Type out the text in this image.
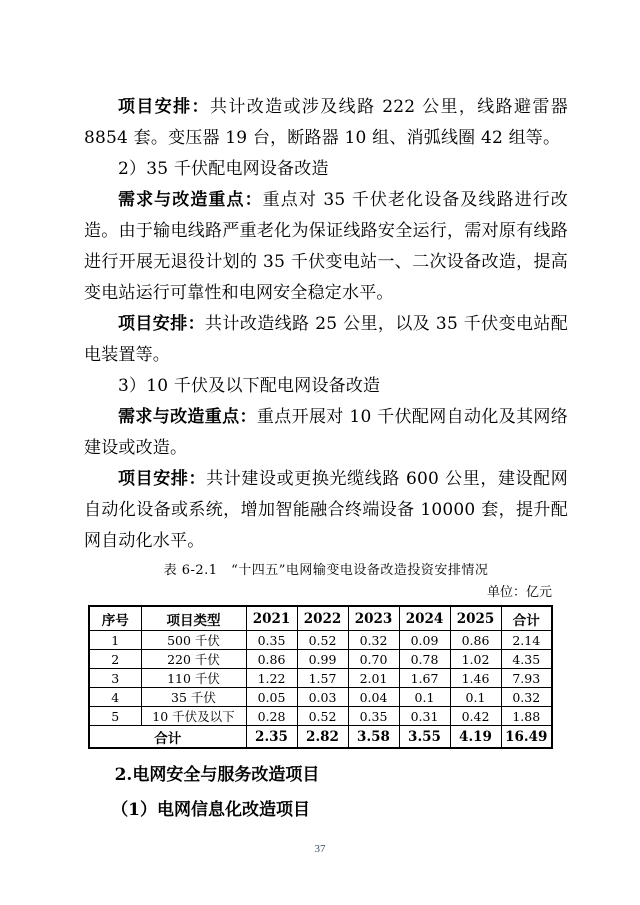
项目安排：共计改造或涉及线路 222 公里，线路避雷器 8854 套。变压器 19 台，断路器 10 组、消弧线圈 42 组等。

2）35 千伏配电网设备改造

需求与改造重点：重点对 35 千伏老化设备及线路进行改造。由于输电线路严重老化为保证线路安全运行，需对原有线路进行开展无退役计划的 35 千伏变电站一、二次设备改造，提高变电站运行可靠性和电网安全稳定水平。

项目安排：共计改造线路 25 公里，以及 35 千伏变电站配电装置等。

3）10 千伏及以下配电网设备改造

需求与改造重点：重点开展对 10 千伏配网自动化及其网络建设或改造。

项目安排：共计建设或更换光缆线路 600 公里，建设配网自动化设备或系统，增加智能融合终端设备 10000 套，提升配网自动化水平。

表 6-2.1　“十四五”电网输变电设备改造投资安排情况
单位：亿元
序号	项目类型	2021	2022	2023	2024	2025	合计
1	500 千伏	0.35	0.52	0.32	0.09	0.86	2.14
2	220 千伏	0.86	0.99	0.70	0.78	1.02	4.35
3	110 千伏	1.22	1.57	2.01	1.67	1.46	7.93
4	35 千伏	0.05	0.03	0.04	0.1	0.1	0.32
5	10 千伏及以下	0.28	0.52	0.35	0.31	0.42	1.88
合计		2.35	2.82	3.58	3.55	4.19	16.49

2.电网安全与服务改造项目

（1）电网信息化改造项目

37
